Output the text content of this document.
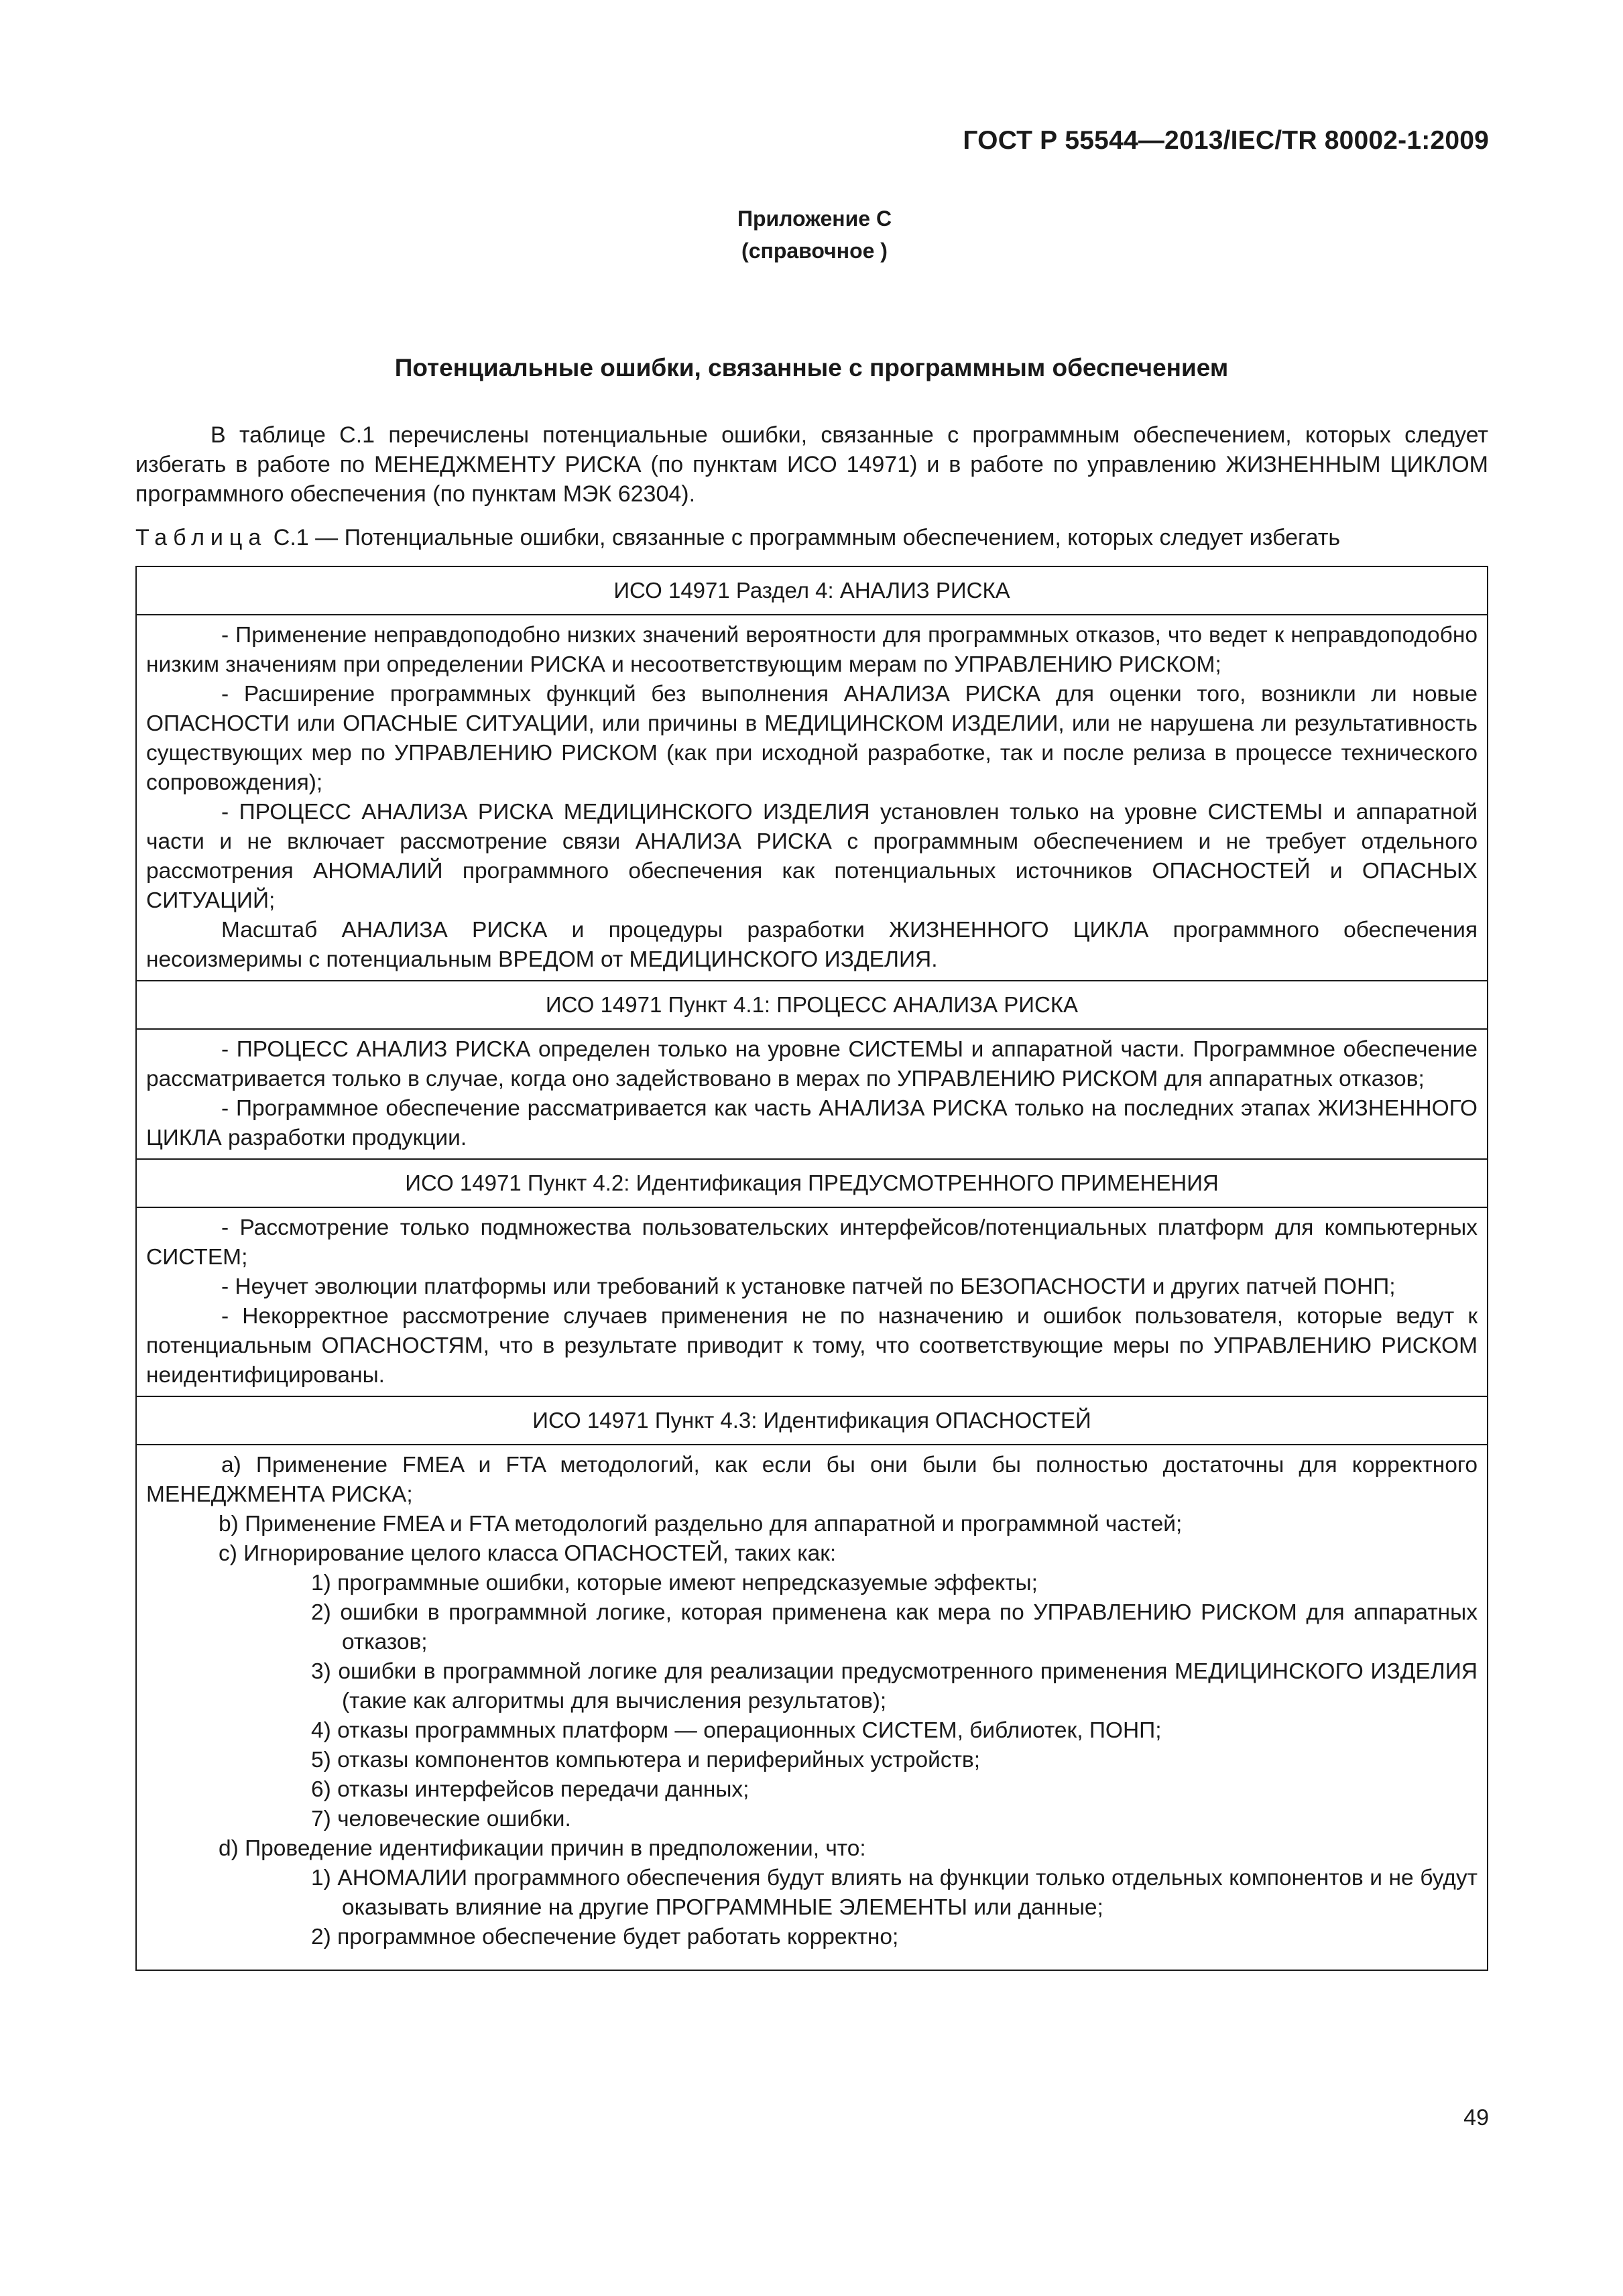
ГОСТ Р 55544—2013/IEC/TR 80002-1:2009
Приложение С
(справочное )
Потенциальные ошибки, связанные с программным обеспечением

В таблице С.1 перечислены потенциальные ошибки, связанные с программным обеспечением, которых следует избегать в работе по МЕНЕДЖМЕНТУ РИСКА (по пунктам ИСО 14971) и в работе по управлению ЖИЗНЕННЫМ ЦИКЛОМ программного обеспечения (по пунктам МЭК 62304).

Таблица С.1 — Потенциальные ошибки, связанные с программным обеспечением, которых следует избегать
ИСО 14971 Раздел 4: АНАЛИЗ РИСКА

- Применение неправдоподобно низких значений вероятности для программных отказов, что ведет к неправдоподобно низким значениям при определении РИСКА и несоответствующим мерам по УПРАВЛЕНИЮ РИСКОМ;

- Расширение программных функций без выполнения АНАЛИЗА РИСКА для оценки того, возникли ли новые ОПАСНОСТИ или ОПАСНЫЕ СИТУАЦИИ, или причины в МЕДИЦИНСКОМ ИЗДЕЛИИ, или не нарушена ли результативность существующих мер по УПРАВЛЕНИЮ РИСКОМ (как при исходной разработке, так и после релиза в процессе технического сопровождения);

- ПРОЦЕСС АНАЛИЗА РИСКА МЕДИЦИНСКОГО ИЗДЕЛИЯ установлен только на уровне СИСТЕМЫ и аппаратной части и не включает рассмотрение связи АНАЛИЗА РИСКА с программным обеспечением и не требует отдельного рассмотрения АНОМАЛИЙ программного обеспечения как потенциальных источников ОПАСНОСТЕЙ и ОПАСНЫХ СИТУАЦИЙ;

Масштаб АНАЛИЗА РИСКА и процедуры разработки ЖИЗНЕННОГО ЦИКЛА программного обеспечения несоизмеримы с потенциальным ВРЕДОМ от МЕДИЦИНСКОГО ИЗДЕЛИЯ.

ИСО 14971 Пункт 4.1: ПРОЦЕСС АНАЛИЗА РИСКА

- ПРОЦЕСС АНАЛИЗ РИСКА определен только на уровне СИСТЕМЫ и аппаратной части. Программное обеспечение рассматривается только в случае, когда оно задействовано в мерах по УПРАВЛЕНИЮ РИСКОМ для аппаратных отказов;

- Программное обеспечение рассматривается как часть АНАЛИЗА РИСКА только на последних этапах ЖИЗНЕННОГО ЦИКЛА разработки продукции.

ИСО 14971 Пункт 4.2: Идентификация ПРЕДУСМОТРЕННОГО ПРИМЕНЕНИЯ

- Рассмотрение только подмножества пользовательских интерфейсов/потенциальных платформ для компьютерных СИСТЕМ;

- Неучет эволюции платформы или требований к установке патчей по БЕЗОПАСНОСТИ и других патчей ПОНП;

- Некорректное рассмотрение случаев применения не по назначению и ошибок пользователя, которые ведут к потенциальным ОПАСНОСТЯМ, что в результате приводит к тому, что соответствующие меры по УПРАВЛЕНИЮ РИСКОМ неидентифицированы.

ИСО 14971 Пункт 4.3: Идентификация ОПАСНОСТЕЙ

a) Применение FMEA и FTA методологий, как если бы они были бы полностью достаточны для корректного МЕНЕДЖМЕНТА РИСКА;

b) Применение FMEA и FTA методологий раздельно для аппаратной и программной частей;

c) Игнорирование целого класса ОПАСНОСТЕЙ, таких как:

1) программные ошибки, которые имеют непредсказуемые эффекты;

2) ошибки в программной логике, которая применена как мера по УПРАВЛЕНИЮ РИСКОМ для аппаратных отказов;

3) ошибки в программной логике для реализации предусмотренного применения МЕДИЦИНСКОГО ИЗДЕЛИЯ (такие как алгоритмы для вычисления результатов);

4) отказы программных платформ — операционных СИСТЕМ, библиотек, ПОНП;

5) отказы компонентов компьютера и периферийных устройств;

6) отказы интерфейсов передачи данных;

7) человеческие ошибки.

d) Проведение идентификации причин в предположении, что:

1) АНОМАЛИИ программного обеспечения будут влиять на функции только отдельных компонентов и не будут оказывать влияние на другие ПРОГРАММНЫЕ ЭЛЕМЕНТЫ или данные;

2) программное обеспечение будет работать корректно;

49
